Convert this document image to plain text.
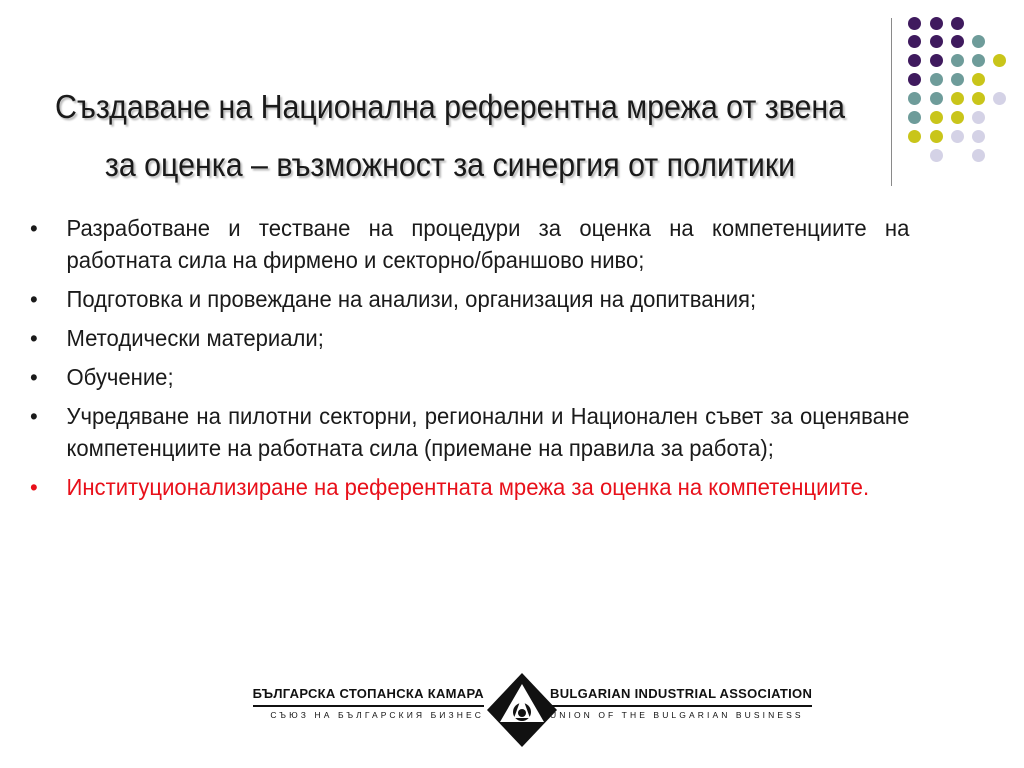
Създаване на Национална референтна мрежа от звена
за оценка – възможност за синергия от политики
• Разработване и тестване на процедури за оценка на компетенциите на работната сила на фирмено и секторно/браншово ниво;
• Подготовка и провеждане на анализи, организация на допитвания;
• Методически материали;
• Обучение;
• Учредяване на пилотни секторни, регионални и Национален съвет за оценяване компетенциите на работната сила (приемане на правила за работа);
• Институционализиране на референтната мрежа за оценка на компетенциите.
БЪЛГАРСКА СТОПАНСКА КАМАРА
СЪЮЗ НА БЪЛГАРСКИЯ БИЗНЕС
BULGARIAN INDUSTRIAL ASSOCIATION
UNION OF THE BULGARIAN BUSINESS
